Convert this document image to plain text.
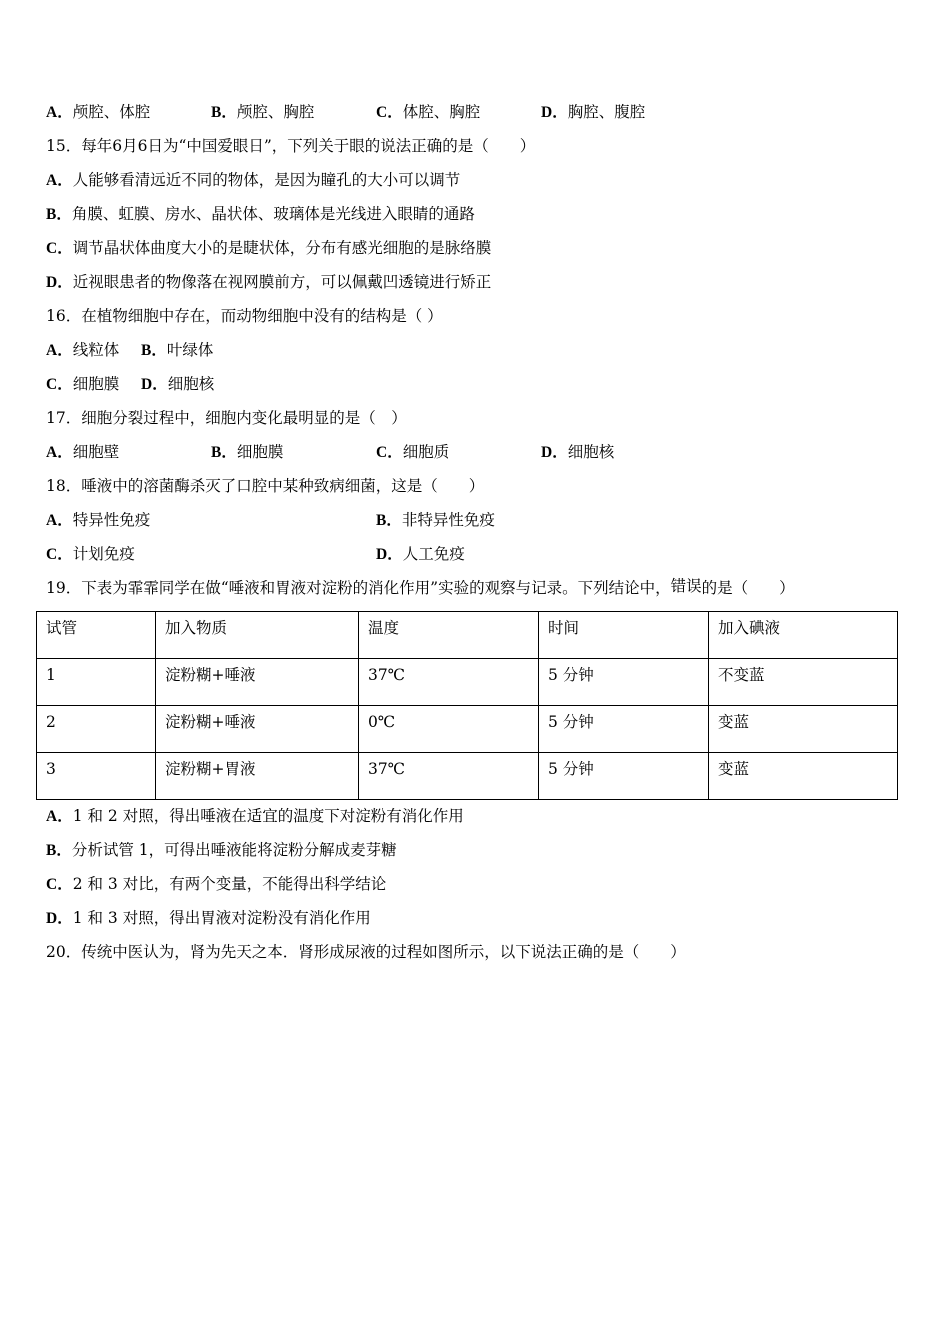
A．颅腔、体腔	B．颅腔、胸腔	C．体腔、胸腔	D．胸腔、腹腔
15．每年6月6日为“中国爱眼日”，下列关于眼的说法正确的是（　　）
A．人能够看清远近不同的物体，是因为瞳孔的大小可以调节
B．角膜、虹膜、房水、晶状体、玻璃体是光线进入眼睛的通路
C．调节晶状体曲度大小的是睫状体，分布有感光细胞的是脉络膜
D．近视眼患者的物像落在视网膜前方，可以佩戴凹透镜进行矫正
16．在植物细胞中存在，而动物细胞中没有的结构是（ ）
A．线粒体 B．叶绿体
C．细胞膜 D．细胞核
17．细胞分裂过程中，细胞内变化最明显的是（　）
A．细胞壁	B．细胞膜	C．细胞质	D．细胞核
18．唾液中的溶菌酶杀灭了口腔中某种致病细菌，这是（　　）
A．特异性免疫	B．非特异性免疫
C．计划免疫	D．人工免疫
19．下表为霏霏同学在做“唾液和胃液对淀粉的消化作用”实验的观察与记录。下列结论中，错误的是（　　）
试管	加入物质	温度	时间	加入碘液

1	淀粉糊+唾液	37℃	5 分钟	不变蓝

2	淀粉糊+唾液	0℃	5 分钟	变蓝

3	淀粉糊+胃液	37℃	5 分钟	变蓝
A．1 和 2 对照，得出唾液在适宜的温度下对淀粉有消化作用
B．分析试管 1，可得出唾液能将淀粉分解成麦芽糖
C．2 和 3 对比，有两个变量，不能得出科学结论
D．1 和 3 对照，得出胃液对淀粉没有消化作用
20．传统中医认为，肾为先天之本．肾形成尿液的过程如图所示，以下说法正确的是（　　）
